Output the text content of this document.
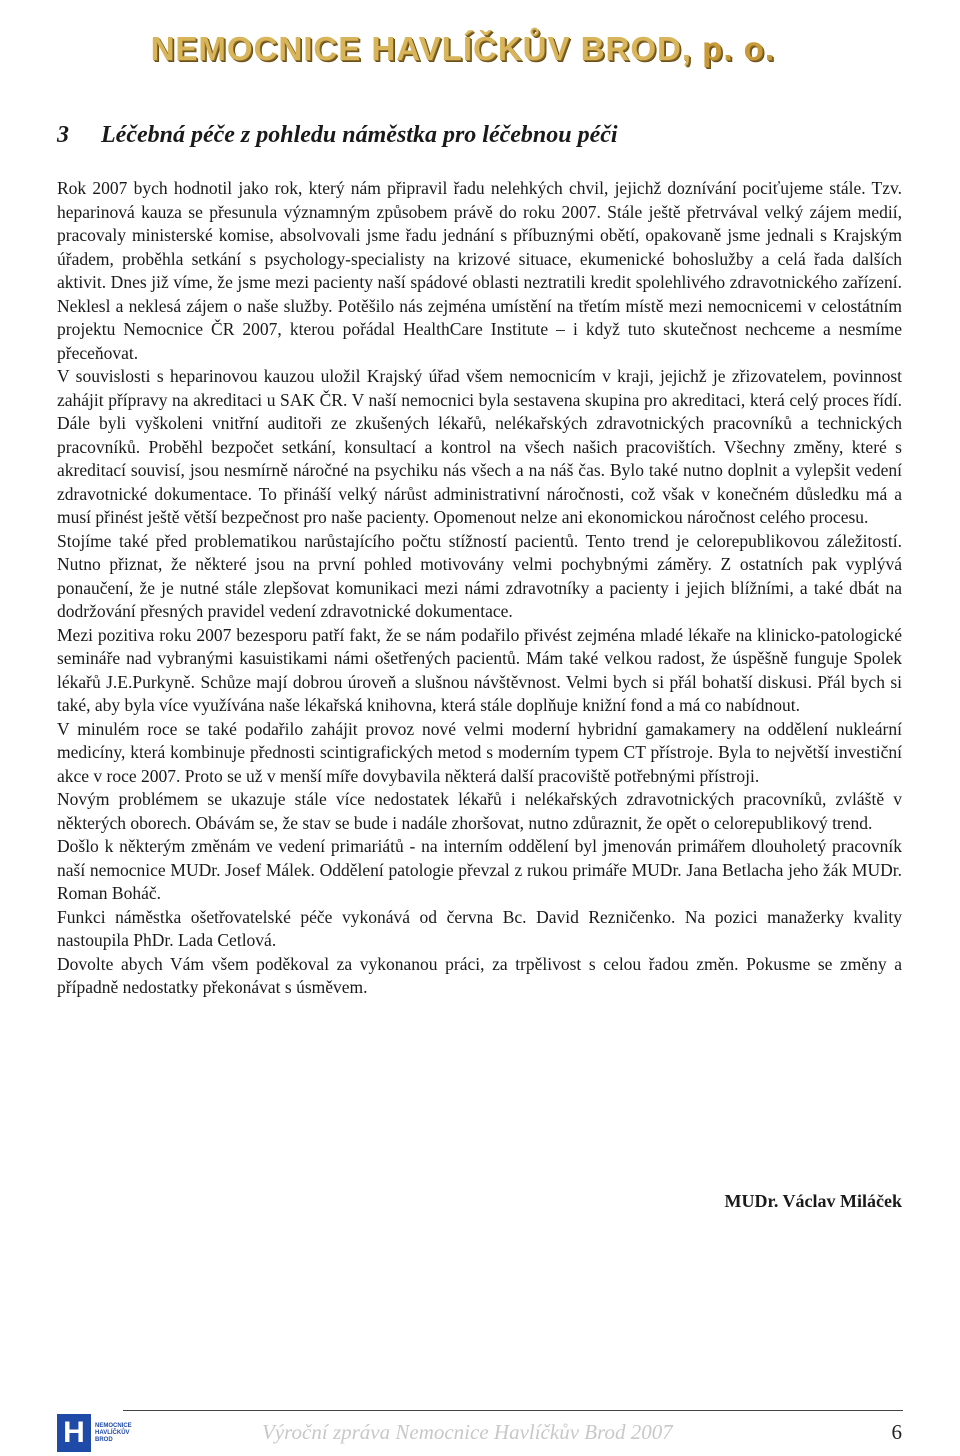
NEMOCNICE HAVLÍČKŮV BROD, p. o.
3 Léčebná péče z pohledu náměstka pro léčebnou péči

Rok 2007 bych hodnotil jako rok, který nám připravil řadu nelehkých chvil, jejichž doznívání pociťujeme stále. Tzv. heparinová kauza se přesunula významným způsobem právě do roku 2007. Stále ještě přetrvával velký zájem medií, pracovaly ministerské komise, absolvovali jsme řadu jednání s příbuznými obětí, opakovaně jsme jednali s Krajským úřadem, proběhla setkání s psychology-specialisty na krizové situace, ekumenické bohoslužby a celá řada dalších aktivit. Dnes již víme, že jsme mezi pacienty naší spádové oblasti neztratili kredit spolehlivého zdravotnického zařízení. Neklesl a neklesá zájem o naše služby. Potěšilo nás zejména umístění na třetím místě mezi nemocnicemi v celostátním projektu Nemocnice ČR 2007, kterou pořádal HealthCare Institute – i když tuto skutečnost nechceme a nesmíme přeceňovat.

V souvislosti s heparinovou kauzou uložil Krajský úřad všem nemocnicím v kraji, jejichž je zřizovatelem, povinnost zahájit přípravy na akreditaci u SAK ČR. V naší nemocnici byla sestavena skupina pro akreditaci, která celý proces řídí. Dále byli vyškoleni vnitřní auditoři ze zkušených lékařů, nelékařských zdravotnických pracovníků a technických pracovníků. Proběhl bezpočet setkání, konsultací a kontrol na všech našich pracovištích. Všechny změny, které s akreditací souvisí, jsou nesmírně náročné na psychiku nás všech a na náš čas. Bylo také nutno doplnit a vylepšit vedení zdravotnické dokumentace. To přináší velký nárůst administrativní náročnosti, což však v konečném důsledku má a musí přinést ještě větší bezpečnost pro naše pacienty. Opomenout nelze ani ekonomickou náročnost celého procesu.

Stojíme také před problematikou narůstajícího počtu stížností pacientů. Tento trend je celorepublikovou záležitostí. Nutno přiznat, že některé jsou na první pohled motivovány velmi pochybnými záměry. Z ostatních pak vyplývá ponaučení, že je nutné stále zlepšovat komunikaci mezi námi zdravotníky a pacienty i jejich blížními, a také dbát na dodržování přesných pravidel vedení zdravotnické dokumentace.

Mezi pozitiva roku 2007 bezesporu patří fakt, že se nám podařilo přivést zejména mladé lékaře na klinicko-patologické semináře nad vybranými kasuistikami námi ošetřených pacientů. Mám také velkou radost, že úspěšně funguje Spolek lékařů J.E.Purkyně. Schůze mají dobrou úroveň a slušnou návštěvnost. Velmi bych si přál bohatší diskusi. Přál bych si také, aby byla více využívána naše lékařská knihovna, která stále doplňuje knižní fond a má co nabídnout.

V minulém roce se také podařilo zahájit provoz nové velmi moderní hybridní gamakamery na oddělení nukleární medicíny, která kombinuje přednosti scintigrafických metod s moderním typem CT přístroje. Byla to největší investiční akce v roce 2007. Proto se už v menší míře dovybavila některá další pracoviště potřebnými přístroji.

Novým problémem se ukazuje stále více nedostatek lékařů i nelékařských zdravotnických pracovníků, zvláště v některých oborech. Obávám se, že stav se bude i nadále zhoršovat, nutno zdůraznit, že opět o celorepublikový trend.

Došlo k některým změnám ve vedení primariátů - na interním oddělení byl jmenován primářem dlouholetý pracovník naší nemocnice MUDr. Josef Málek. Oddělení patologie převzal z rukou primáře MUDr. Jana Betlacha jeho žák MUDr. Roman Boháč.

Funkci náměstka ošetřovatelské péče vykonává od června Bc. David Rezničenko. Na pozici manažerky kvality nastoupila PhDr. Lada Cetlová.

Dovolte abych Vám všem poděkoval za vykonanou práci, za trpělivost s celou řadou změn. Pokusme se změny a případně nedostatky překonávat s úsměvem.

MUDr. Václav Miláček
H	NEMOCNICE
HAVLÍČKŮV
BROD	Výroční zpráva Nemocnice Havlíčkův Brod 2007	6
